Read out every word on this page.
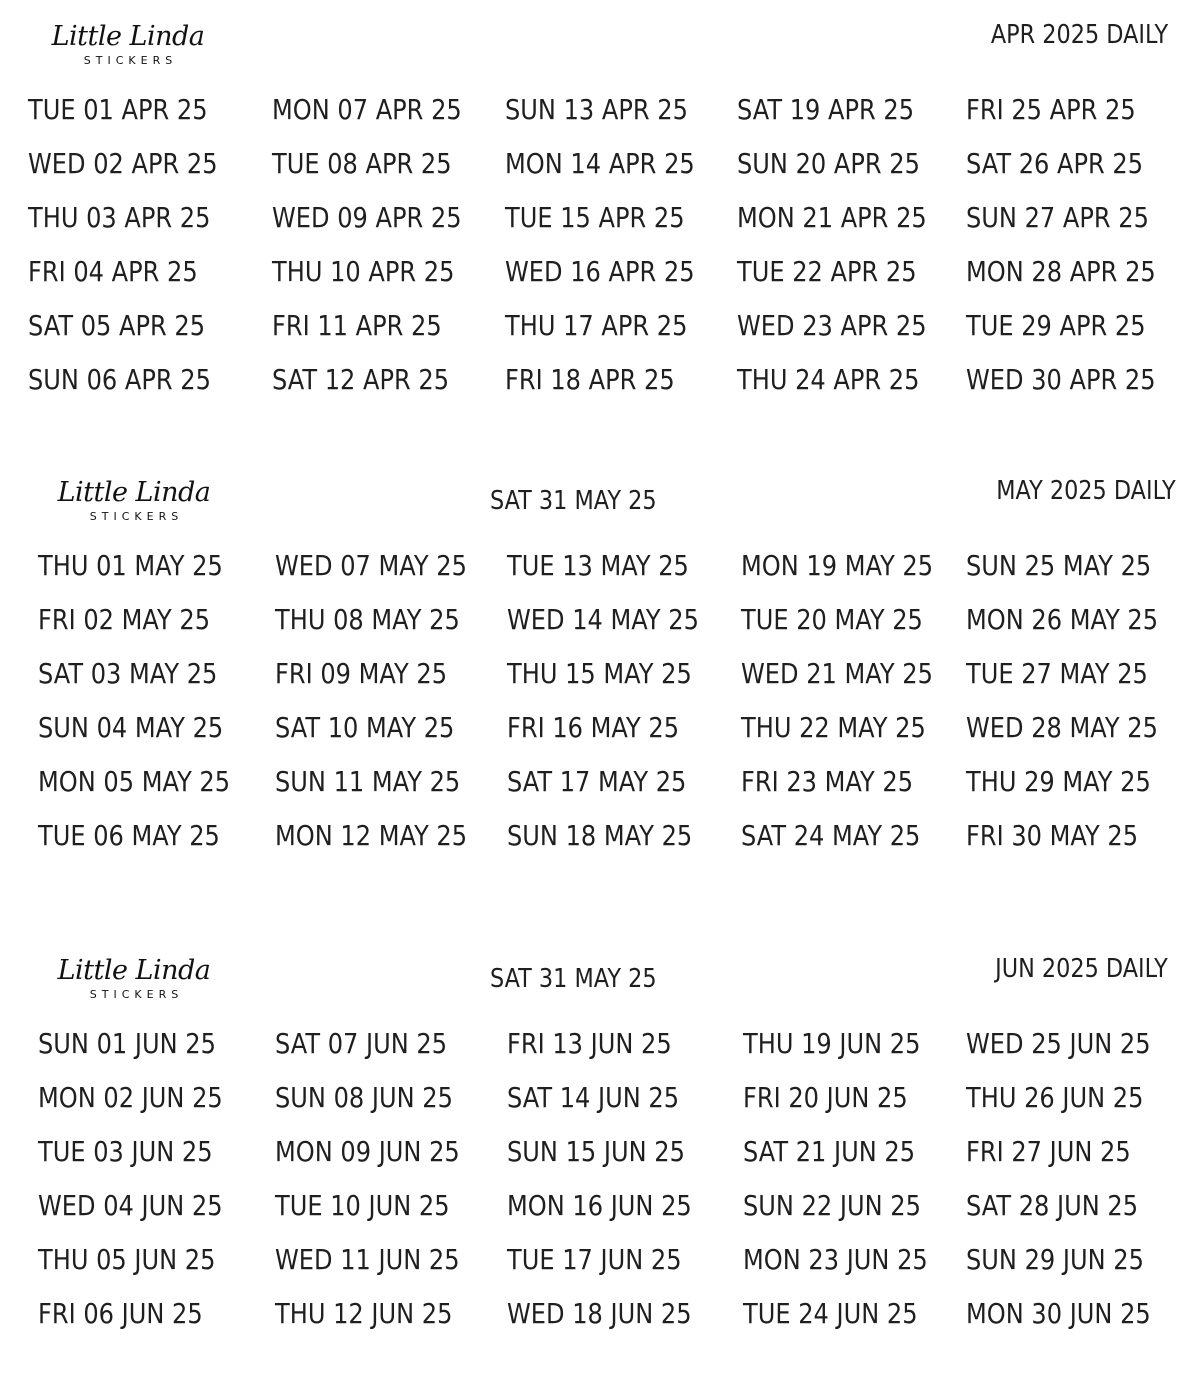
Little Linda
STICKERS
APR 2025 DAILY
TUE 01 APR 25
WED 02 APR 25
THU 03 APR 25
FRI 04 APR 25
SAT 05 APR 25
SUN 06 APR 25
MON 07 APR 25
TUE 08 APR 25
WED 09 APR 25
THU 10 APR 25
FRI 11 APR 25
SAT 12 APR 25
SUN 13 APR 25
MON 14 APR 25
TUE 15 APR 25
WED 16 APR 25
THU 17 APR 25
FRI 18 APR 25
SAT 19 APR 25
SUN 20 APR 25
MON 21 APR 25
TUE 22 APR 25
WED 23 APR 25
THU 24 APR 25
FRI 25 APR 25
SAT 26 APR 25
SUN 27 APR 25
MON 28 APR 25
TUE 29 APR 25
WED 30 APR 25
Little Linda
STICKERS
SAT 31 MAY 25	MAY 2025 DAILY
THU 01 MAY 25
FRI 02 MAY 25
SAT 03 MAY 25
SUN 04 MAY 25
MON 05 MAY 25
TUE 06 MAY 25
WED 07 MAY 25
THU 08 MAY 25
FRI 09 MAY 25
SAT 10 MAY 25
SUN 11 MAY 25
MON 12 MAY 25
TUE 13 MAY 25
WED 14 MAY 25
THU 15 MAY 25
FRI 16 MAY 25
SAT 17 MAY 25
SUN 18 MAY 25
MON 19 MAY 25
TUE 20 MAY 25
WED 21 MAY 25
THU 22 MAY 25
FRI 23 MAY 25
SAT 24 MAY 25
SUN 25 MAY 25
MON 26 MAY 25
TUE 27 MAY 25
WED 28 MAY 25
THU 29 MAY 25
FRI 30 MAY 25
Little Linda
STICKERS
SAT 31 MAY 25	JUN 2025 DAILY
SUN 01 JUN 25
MON 02 JUN 25
TUE 03 JUN 25
WED 04 JUN 25
THU 05 JUN 25
FRI 06 JUN 25
SAT 07 JUN 25
SUN 08 JUN 25
MON 09 JUN 25
TUE 10 JUN 25
WED 11 JUN 25
THU 12 JUN 25
FRI 13 JUN 25
SAT 14 JUN 25
SUN 15 JUN 25
MON 16 JUN 25
TUE 17 JUN 25
WED 18 JUN 25
THU 19 JUN 25
FRI 20 JUN 25
SAT 21 JUN 25
SUN 22 JUN 25
MON 23 JUN 25
TUE 24 JUN 25
WED 25 JUN 25
THU 26 JUN 25
FRI 27 JUN 25
SAT 28 JUN 25
SUN 29 JUN 25
MON 30 JUN 25
